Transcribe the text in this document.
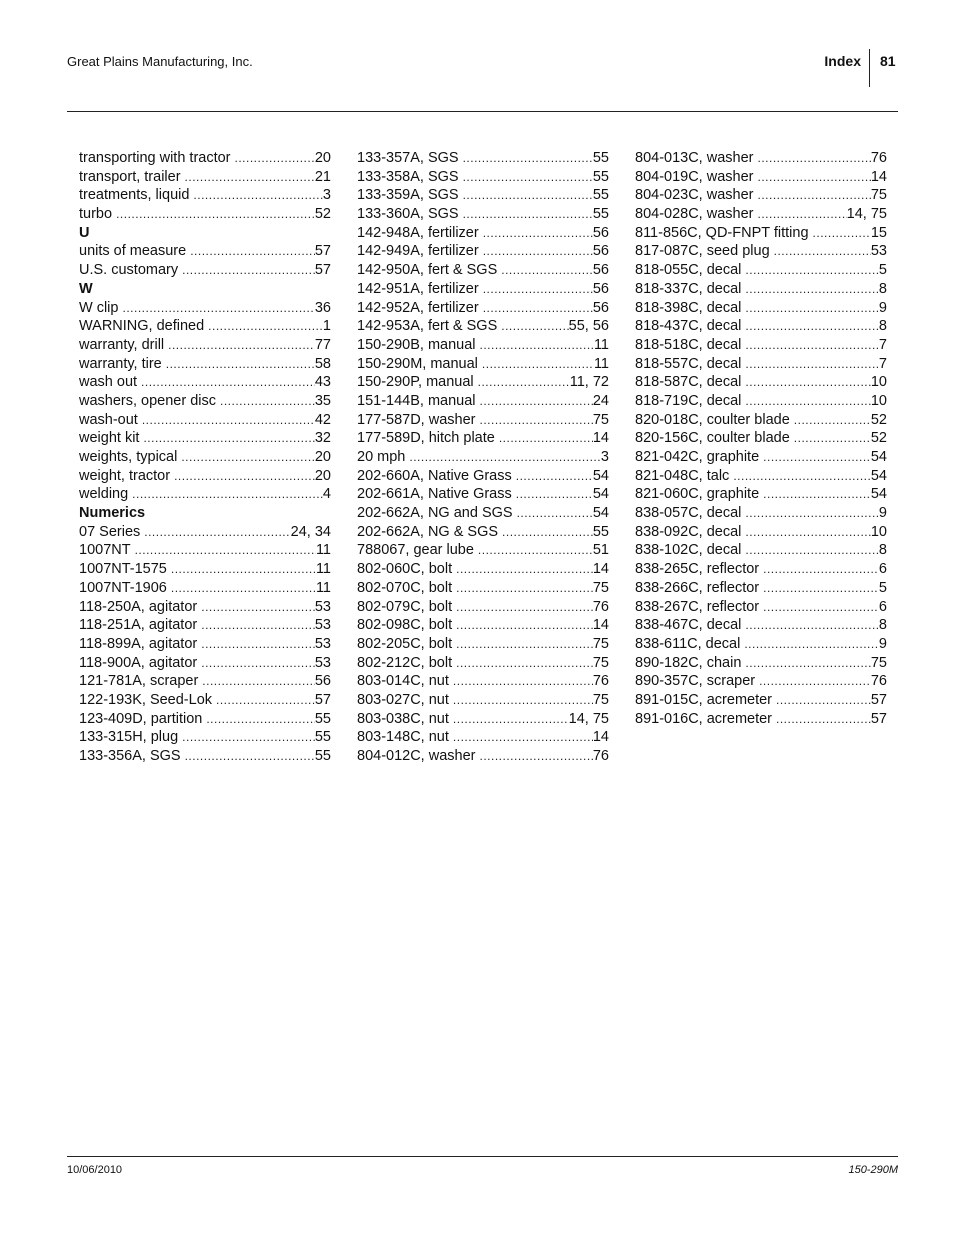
Great Plains Manufacturing, Inc.	Index 81
transporting with tractor .....	20
transport, trailer .....	21
treatments, liquid .....	3
turbo .....	52
U
units of measure .....	57
U.S. customary .....	57
W
W clip .....	36
WARNING, defined .....	1
warranty, drill .....	77
warranty, tire .....	58
wash out .....	43
washers, opener disc .....	35
wash-out .....	42
weight kit .....	32
weights, typical .....	20
weight, tractor .....	20
welding .....	4
Numerics
07 Series .....	24, 34
1007NT .....	11
1007NT-1575 .....	11
1007NT-1906 .....	11
118-250A, agitator .....	53
118-251A, agitator .....	53
118-899A, agitator .....	53
118-900A, agitator .....	53
121-781A, scraper .....	56
122-193K, Seed-Lok .....	57
123-409D, partition .....	55
133-315H, plug .....	55
133-356A, SGS .....	55
133-357A, SGS .....	55
133-358A, SGS .....	55
133-359A, SGS .....	55
133-360A, SGS .....	55
142-948A, fertilizer .....	56
142-949A, fertilizer .....	56
142-950A, fert & SGS .....	56
142-951A, fertilizer .....	56
142-952A, fertilizer .....	56
142-953A, fert & SGS .....	55, 56
150-290B, manual .....	11
150-290M, manual .....	11
150-290P, manual .....	11, 72
151-144B, manual .....	24
177-587D, washer .....	75
177-589D, hitch plate .....	14
20 mph .....	3
202-660A, Native Grass .....	54
202-661A, Native Grass .....	54
202-662A, NG and SGS .....	54
202-662A, NG & SGS .....	55
788067, gear lube .....	51
802-060C, bolt .....	14
802-070C, bolt .....	75
802-079C, bolt .....	76
802-098C, bolt .....	14
802-205C, bolt .....	75
802-212C, bolt .....	75
803-014C, nut .....	76
803-027C, nut .....	75
803-038C, nut .....	14, 75
803-148C, nut .....	14
804-012C, washer .....	76
804-013C, washer .....	76
804-019C, washer .....	14
804-023C, washer .....	75
804-028C, washer .....	14, 75
811-856C, QD-FNPT fitting .....	15
817-087C, seed plug .....	53
818-055C, decal .....	5
818-337C, decal .....	8
818-398C, decal .....	9
818-437C, decal .....	8
818-518C, decal .....	7
818-557C, decal .....	7
818-587C, decal .....	10
818-719C, decal .....	10
820-018C, coulter blade .....	52
820-156C, coulter blade .....	52
821-042C, graphite .....	54
821-048C, talc .....	54
821-060C, graphite .....	54
838-057C, decal .....	9
838-092C, decal .....	10
838-102C, decal .....	8
838-265C, reflector .....	6
838-266C, reflector .....	5
838-267C, reflector .....	6
838-467C, decal .....	8
838-611C, decal .....	9
890-182C, chain .....	75
890-357C, scraper .....	76
891-015C, acremeter .....	57
891-016C, acremeter .....	57
10/06/2010	150-290M
